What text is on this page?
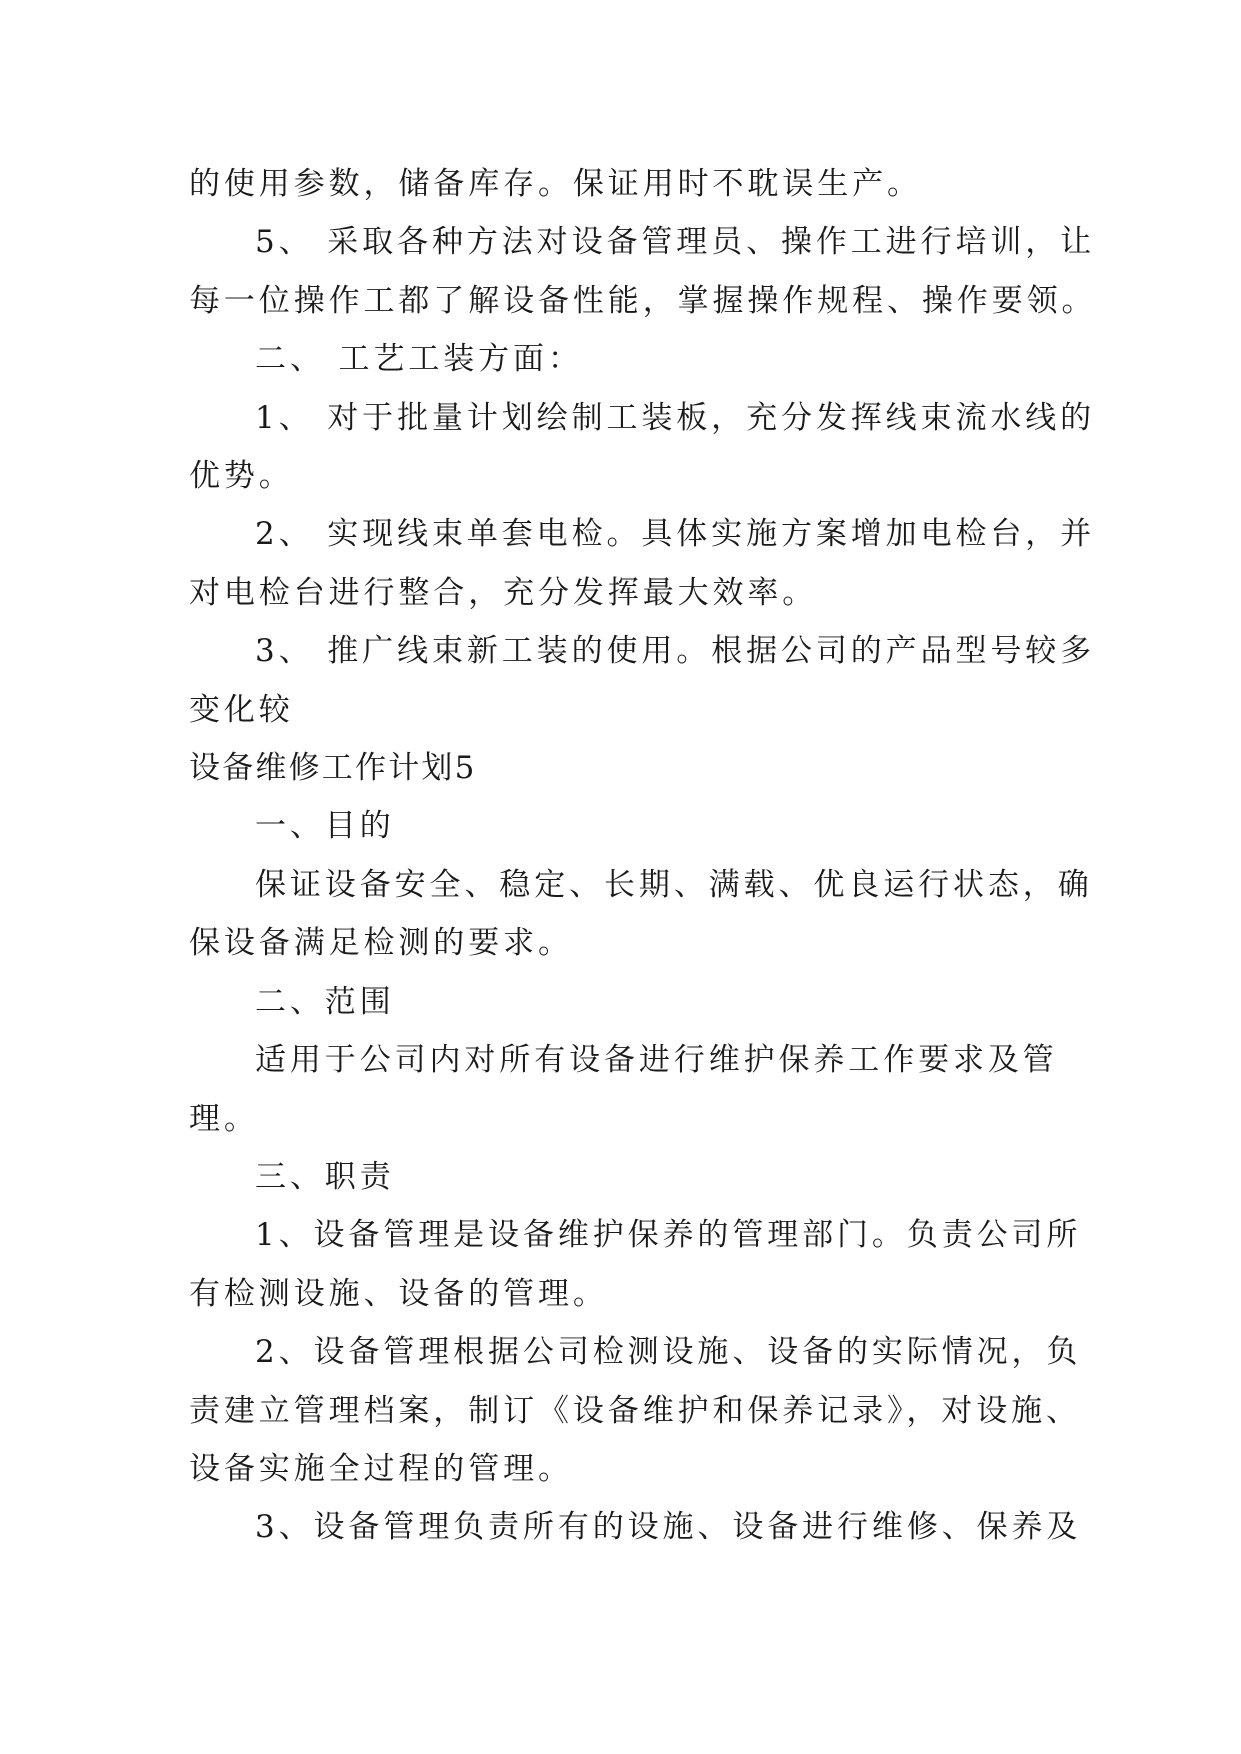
的使用参数，储备库存。保证用时不耽误生产。

5、 采取各种方法对设备管理员、操作工进行培训，让

每一位操作工都了解设备性能，掌握操作规程、操作要领。

二、 工艺工装方面：

1、 对于批量计划绘制工装板，充分发挥线束流水线的

优势。

2、 实现线束单套电检。具体实施方案增加电检台，并

对电检台进行整合，充分发挥最大效率。

3、 推广线束新工装的使用。根据公司的产品型号较多

变化较

设备维修工作计划5

一、目的

保证设备安全、稳定、长期、满载、优良运行状态，确

保设备满足检测的要求。

二、范围

适用于公司内对所有设备进行维护保养工作要求及管

理。

三、职责

1、设备管理是设备维护保养的管理部门。负责公司所

有检测设施、设备的管理。

2、设备管理根据公司检测设施、设备的实际情况，负

责建立管理档案，制订《设备维护和保养记录》，对设施、

设备实施全过程的管理。

3、设备管理负责所有的设施、设备进行维修、保养及
